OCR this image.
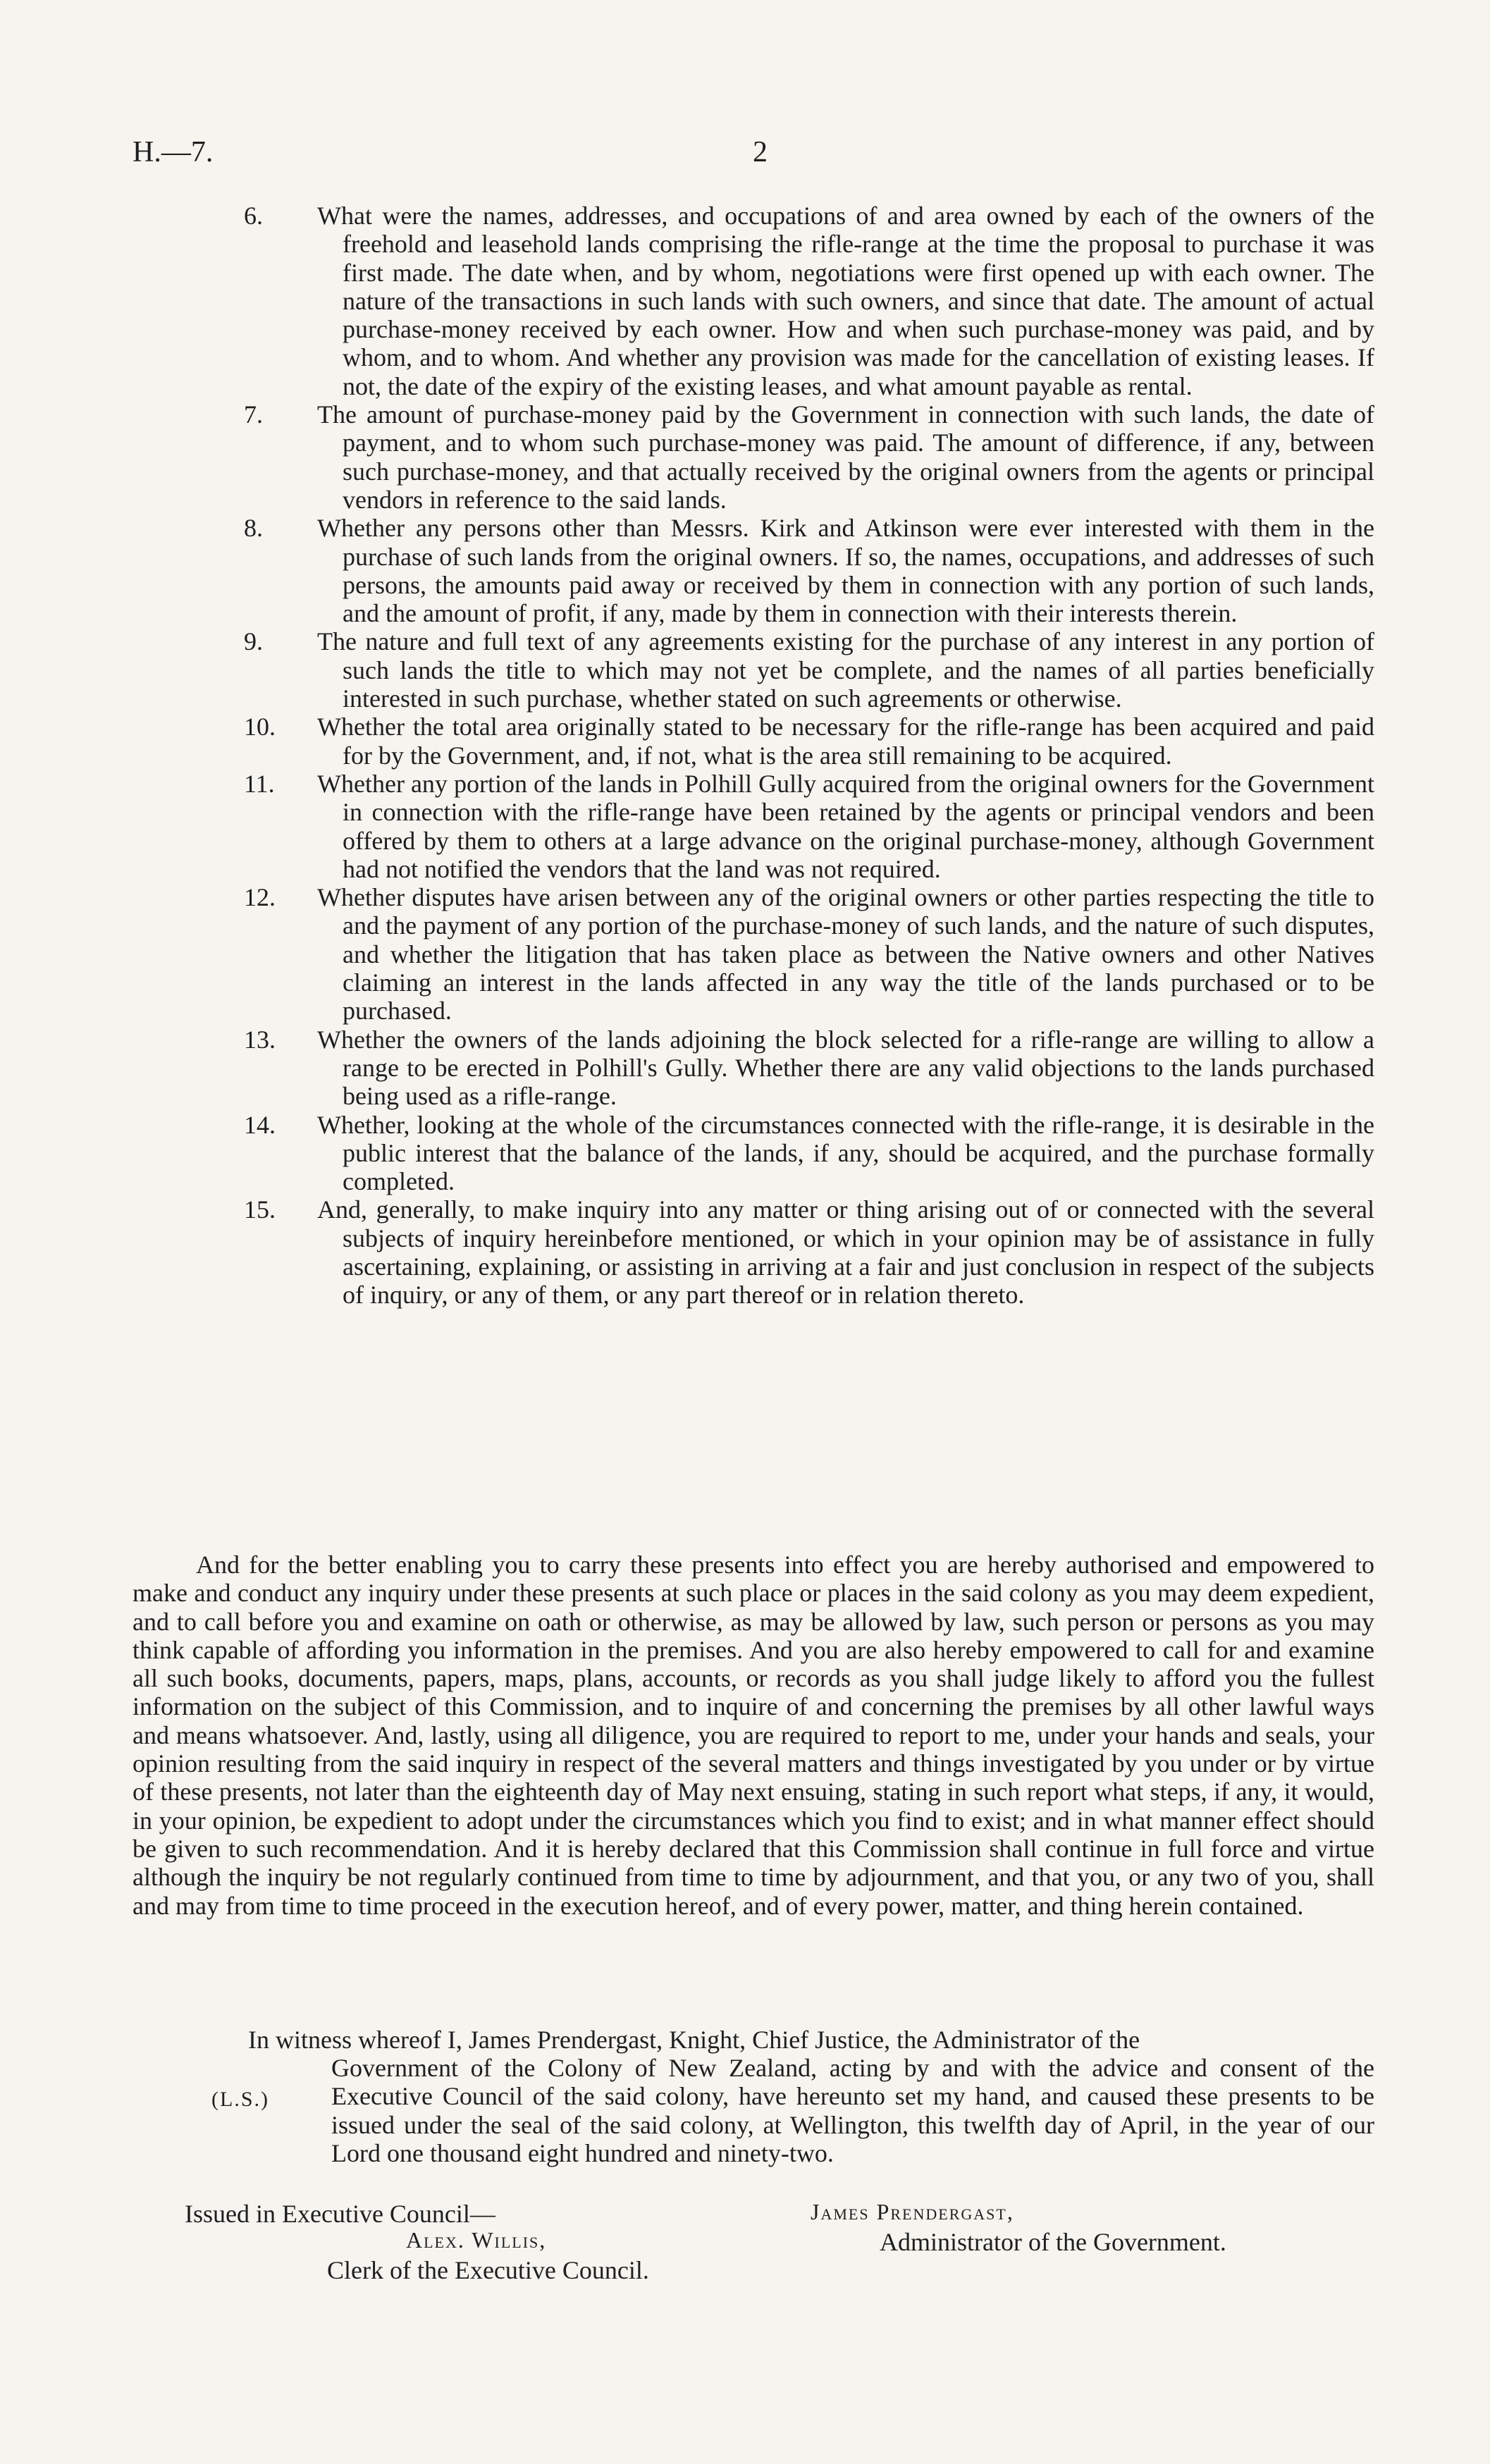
H.—7.	2

6. What were the names, addresses, and occupations of and area owned by each of the owners of the freehold and leasehold lands comprising the rifle-range at the time the proposal to purchase it was first made. The date when, and by whom, negotiations were first opened up with each owner. The nature of the transactions in such lands with such owners, and since that date. The amount of actual purchase-money received by each owner. How and when such purchase-money was paid, and by whom, and to whom. And whether any provision was made for the cancellation of existing leases. If not, the date of the expiry of the existing leases, and what amount payable as rental.

7. The amount of purchase-money paid by the Government in connection with such lands, the date of payment, and to whom such purchase-money was paid. The amount of difference, if any, between such purchase-money, and that actually received by the original owners from the agents or principal vendors in reference to the said lands.

8. Whether any persons other than Messrs. Kirk and Atkinson were ever interested with them in the purchase of such lands from the original owners. If so, the names, occupations, and addresses of such persons, the amounts paid away or received by them in connection with any portion of such lands, and the amount of profit, if any, made by them in connection with their interests therein.

9. The nature and full text of any agreements existing for the purchase of any interest in any portion of such lands the title to which may not yet be complete, and the names of all parties beneficially interested in such purchase, whether stated on such agreements or otherwise.

10. Whether the total area originally stated to be necessary for the rifle-range has been acquired and paid for by the Government, and, if not, what is the area still remaining to be acquired.

11. Whether any portion of the lands in Polhill Gully acquired from the original owners for the Government in connection with the rifle-range have been retained by the agents or principal vendors and been offered by them to others at a large advance on the original purchase-money, although Government had not notified the vendors that the land was not required.

12. Whether disputes have arisen between any of the original owners or other parties respecting the title to and the payment of any portion of the purchase-money of such lands, and the nature of such disputes, and whether the litigation that has taken place as between the Native owners and other Natives claiming an interest in the lands affected in any way the title of the lands purchased or to be purchased.

13. Whether the owners of the lands adjoining the block selected for a rifle-range are willing to allow a range to be erected in Polhill's Gully. Whether there are any valid objections to the lands purchased being used as a rifle-range.

14. Whether, looking at the whole of the circumstances connected with the rifle-range, it is desirable in the public interest that the balance of the lands, if any, should be acquired, and the purchase formally completed.

15. And, generally, to make inquiry into any matter or thing arising out of or connected with the several subjects of inquiry hereinbefore mentioned, or which in your opinion may be of assistance in fully ascertaining, explaining, or assisting in arriving at a fair and just conclusion in respect of the subjects of inquiry, or any of them, or any part thereof or in relation thereto.

And for the better enabling you to carry these presents into effect you are hereby authorised and empowered to make and conduct any inquiry under these presents at such place or places in the said colony as you may deem expedient, and to call before you and examine on oath or otherwise, as may be allowed by law, such person or persons as you may think capable of affording you information in the premises. And you are also hereby empowered to call for and examine all such books, documents, papers, maps, plans, accounts, or records as you shall judge likely to afford you the fullest information on the subject of this Commission, and to inquire of and concerning the premises by all other lawful ways and means whatsoever. And, lastly, using all diligence, you are required to report to me, under your hands and seals, your opinion resulting from the said inquiry in respect of the several matters and things investigated by you under or by virtue of these presents, not later than the eighteenth day of May next ensuing, stating in such report what steps, if any, it would, in your opinion, be expedient to adopt under the circumstances which you find to exist; and in what manner effect should be given to such recommendation. And it is hereby declared that this Commission shall continue in full force and virtue although the inquiry be not regularly continued from time to time by adjournment, and that you, or any two of you, shall and may from time to time proceed in the execution hereof, and of every power, matter, and thing herein contained.

In witness whereof I, James Prendergast, Knight, Chief Justice, the Administrator of the

(L.S.)

Government of the Colony of New Zealand, acting by and with the advice and consent of the Executive Council of the said colony, have hereunto set my hand, and caused these presents to be issued under the seal of the said colony, at Wellington, this twelfth day of April, in the year of our Lord one thousand eight hundred and ninety-two.

Issued in Executive Council—
Alex. Willis,
Clerk of the Executive Council.
James Prendergast,
Administrator of the Government.
